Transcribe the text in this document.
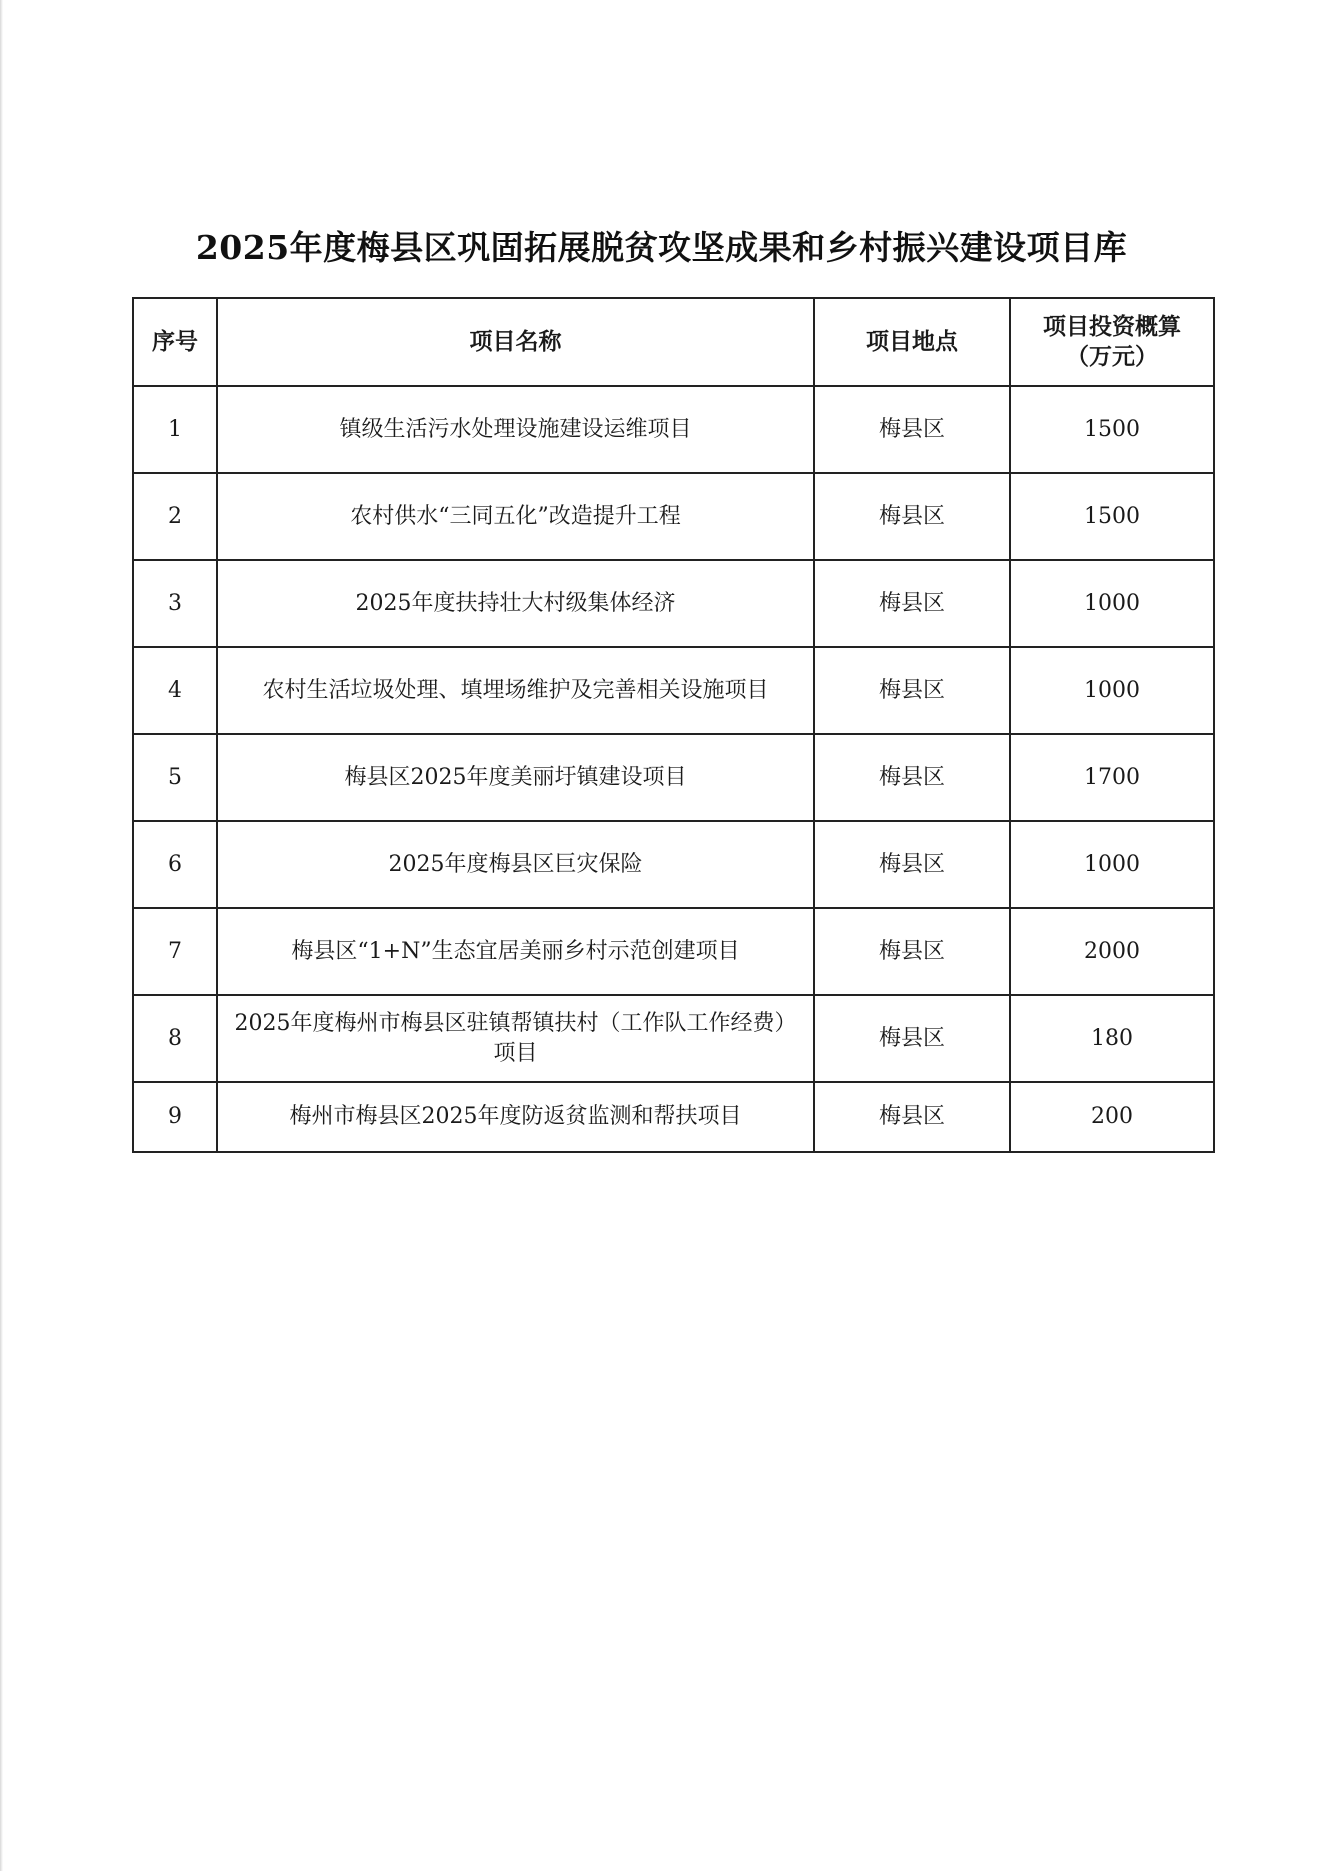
2025年度梅县区巩固拓展脱贫攻坚成果和乡村振兴建设项目库
序号	项目名称	项目地点	项目投资概算
（万元）

1	镇级生活污水处理设施建设运维项目	梅县区	1500
2	农村供水“三同五化”改造提升工程	梅县区	1500
3	2025年度扶持壮大村级集体经济	梅县区	1000
4	农村生活垃圾处理、填埋场维护及完善相关设施项目	梅县区	1000
5	梅县区2025年度美丽圩镇建设项目	梅县区	1700
6	2025年度梅县区巨灾保险	梅县区	1000
7	梅县区“1+N”生态宜居美丽乡村示范创建项目	梅县区	2000
8	2025年度梅州市梅县区驻镇帮镇扶村（工作队工作经费）项目	梅县区	180
9	梅州市梅县区2025年度防返贫监测和帮扶项目	梅县区	200
